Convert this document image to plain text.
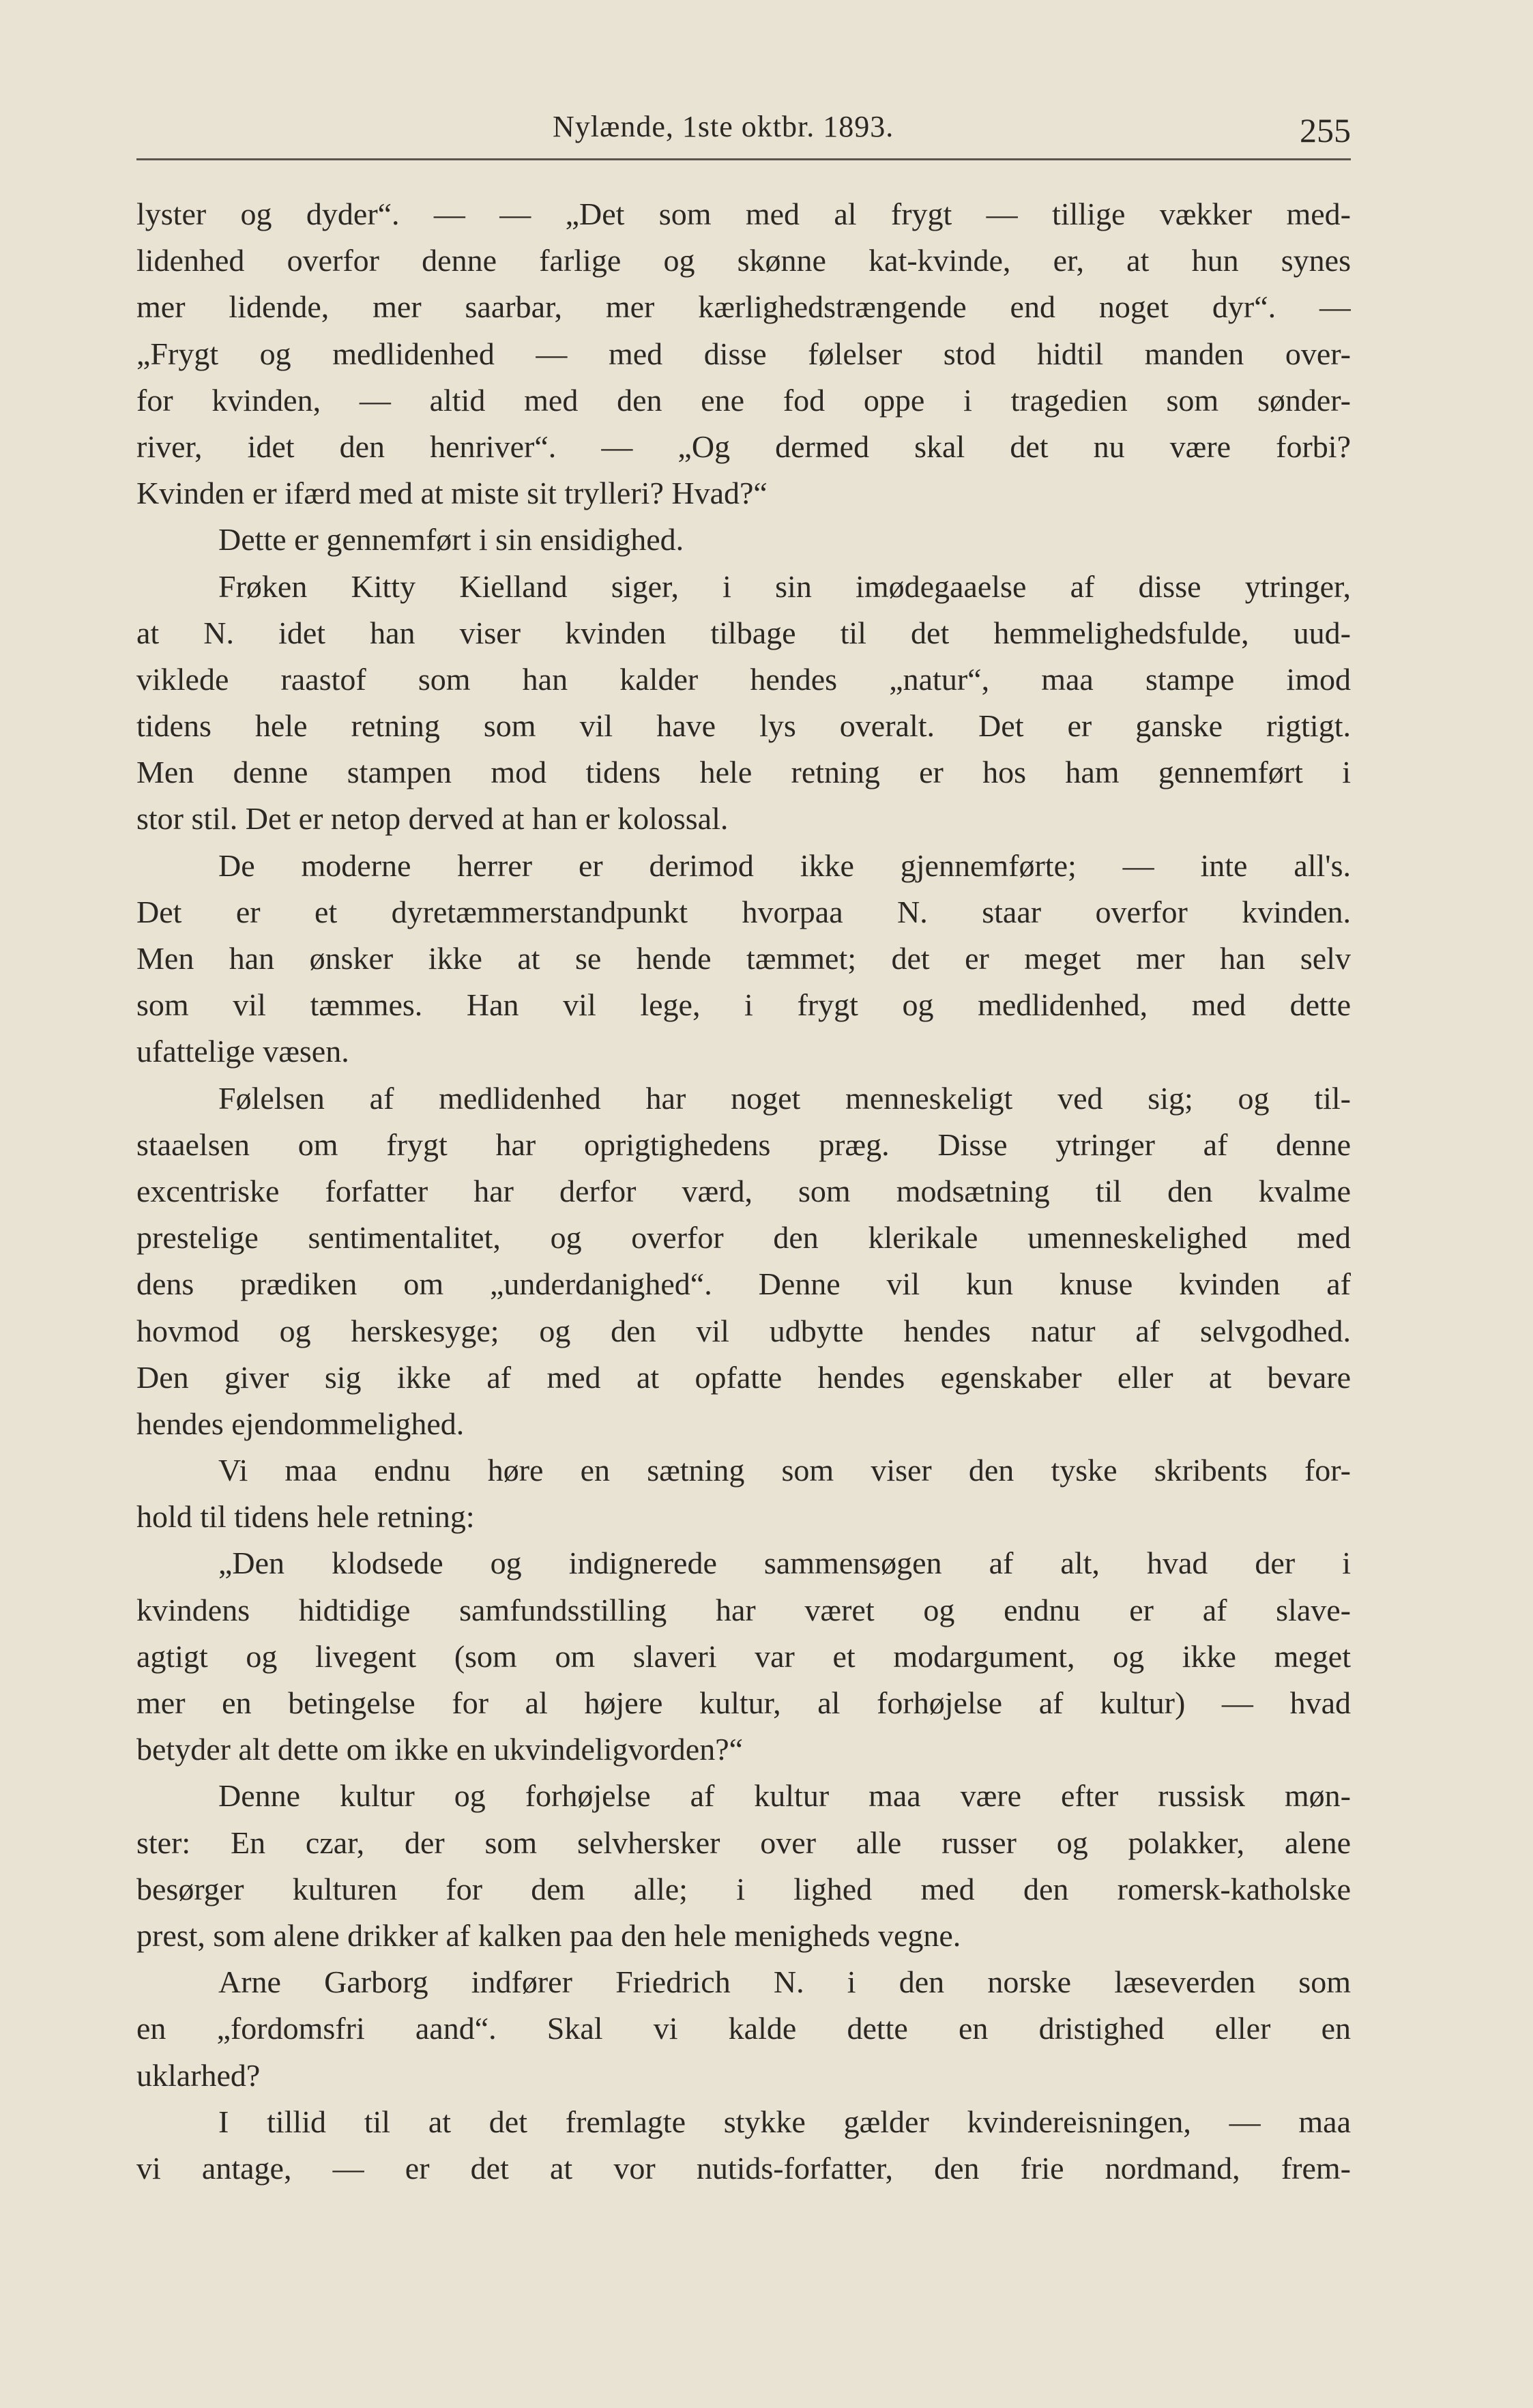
Nylænde, 1ste oktbr. 1893.	255
lyster og dyder“. — — „Det som med al frygt — tillige vækker med-
lidenhed overfor denne farlige og skønne kat-kvinde, er, at hun synes
mer lidende, mer saarbar, mer kærlighedstrængende end noget dyr“. —
„Frygt og medlidenhed — med disse følelser stod hidtil manden over-
for kvinden, — altid med den ene fod oppe i tragedien som sønder-
river, idet den henriver“. — „Og dermed skal det nu være forbi?
Kvinden er ifærd med at miste sit trylleri? Hvad?“
Dette er gennemført i sin ensidighed.
Frøken Kitty Kielland siger, i sin imødegaaelse af disse ytringer,
at N. idet han viser kvinden tilbage til det hemmelighedsfulde, uud-
viklede raastof som han kalder hendes „natur“, maa stampe imod
tidens hele retning som vil have lys overalt. Det er ganske rigtigt.
Men denne stampen mod tidens hele retning er hos ham gennemført i
stor stil. Det er netop derved at han er kolossal.
De moderne herrer er derimod ikke gjennemførte; — inte all's.
Det er et dyretæmmerstandpunkt hvorpaa N. staar overfor kvinden.
Men han ønsker ikke at se hende tæmmet; det er meget mer han selv
som vil tæmmes. Han vil lege, i frygt og medlidenhed, med dette
ufattelige væsen.
Følelsen af medlidenhed har noget menneskeligt ved sig; og til-
staaelsen om frygt har oprigtighedens præg. Disse ytringer af denne
excentriske forfatter har derfor værd, som modsætning til den kvalme
prestelige sentimentalitet, og overfor den klerikale umenneskelighed med
dens prædiken om „underdanighed“. Denne vil kun knuse kvinden af
hovmod og herskesyge; og den vil udbytte hendes natur af selvgodhed.
Den giver sig ikke af med at opfatte hendes egenskaber eller at bevare
hendes ejendommelighed.
Vi maa endnu høre en sætning som viser den tyske skribents for-
hold til tidens hele retning:
„Den klodsede og indignerede sammensøgen af alt, hvad der i
kvindens hidtidige samfundsstilling har været og endnu er af slave-
agtigt og livegent (som om slaveri var et modargument, og ikke meget
mer en betingelse for al højere kultur, al forhøjelse af kultur) — hvad
betyder alt dette om ikke en ukvindeligvorden?“
Denne kultur og forhøjelse af kultur maa være efter russisk møn-
ster: En czar, der som selvhersker over alle russer og polakker, alene
besørger kulturen for dem alle; i lighed med den romersk-katholske
prest, som alene drikker af kalken paa den hele menigheds vegne.
Arne Garborg indfører Friedrich N. i den norske læseverden som
en „fordomsfri aand“. Skal vi kalde dette en dristighed eller en
uklarhed?
I tillid til at det fremlagte stykke gælder kvindereisningen, — maa
vi antage, — er det at vor nutids-forfatter, den frie nordmand, frem-
